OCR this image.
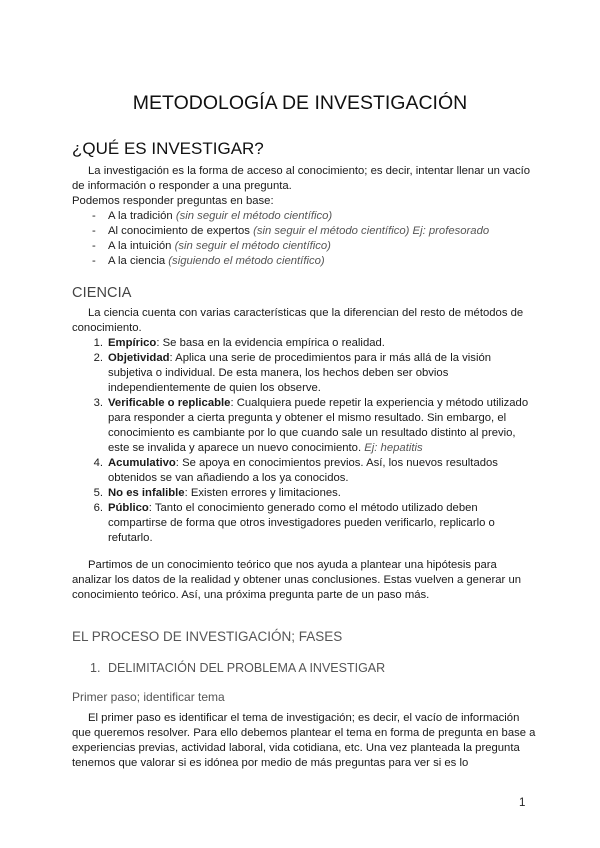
METODOLOGÍA DE INVESTIGACIÓN
¿QUÉ ES INVESTIGAR?
La investigación es la forma de acceso al conocimiento; es decir, intentar llenar un vacío
de información o responder a una pregunta.
Podemos responder preguntas en base:
- A la tradición (sin seguir el método científico)
- Al conocimiento de expertos (sin seguir el método científico) Ej: profesorado
- A la intuición (sin seguir el método científico)
- A la ciencia (siguiendo el método científico)
CIENCIA
La ciencia cuenta con varias características que la diferencian del resto de métodos de
conocimiento.
1. Empírico: Se basa en la evidencia empírica o realidad.
2. Objetividad: Aplica una serie de procedimientos para ir más allá de la visión
subjetiva o individual. De esta manera, los hechos deben ser obvios
independientemente de quien los observe.
3. Verificable o replicable: Cualquiera puede repetir la experiencia y método utilizado
para responder a cierta pregunta y obtener el mismo resultado. Sin embargo, el
conocimiento es cambiante por lo que cuando sale un resultado distinto al previo,
este se invalida y aparece un nuevo conocimiento. Ej: hepatitis
4. Acumulativo: Se apoya en conocimientos previos. Así, los nuevos resultados
obtenidos se van añadiendo a los ya conocidos.
5. No es infalible: Existen errores y limitaciones.
6. Público: Tanto el conocimiento generado como el método utilizado deben
compartirse de forma que otros investigadores pueden verificarlo, replicarlo o
refutarlo.
Partimos de un conocimiento teórico que nos ayuda a plantear una hipótesis para
analizar los datos de la realidad y obtener unas conclusiones. Estas vuelven a generar un
conocimiento teórico. Así, una próxima pregunta parte de un paso más.
EL PROCESO DE INVESTIGACIÓN; FASES
1. DELIMITACIÓN DEL PROBLEMA A INVESTIGAR
Primer paso; identificar tema
El primer paso es identificar el tema de investigación; es decir, el vacío de información
que queremos resolver. Para ello debemos plantear el tema en forma de pregunta en base a
experiencias previas, actividad laboral, vida cotidiana, etc. Una vez planteada la pregunta
tenemos que valorar si es idónea por medio de más preguntas para ver si es lo
1
